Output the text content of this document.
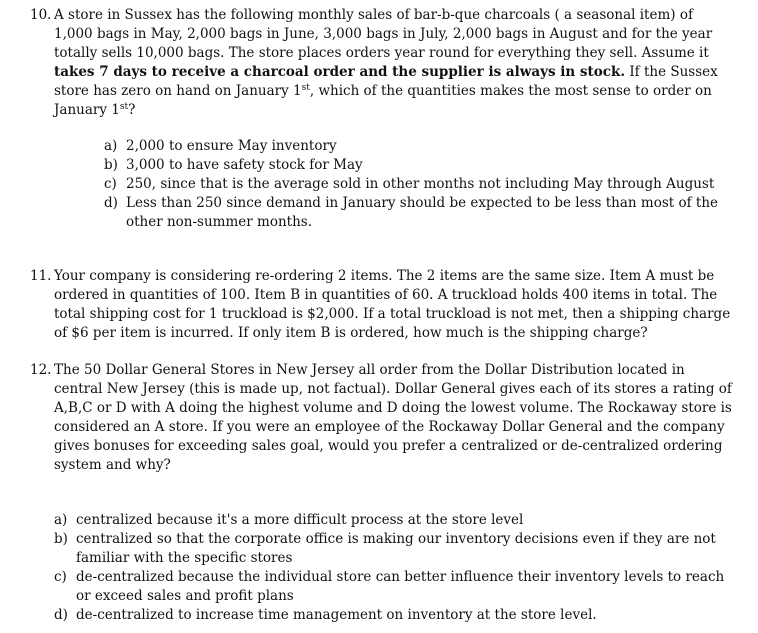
10. A store in Sussex has the following monthly sales of bar-b-que charcoals ( a seasonal item) of 1,000 bags in May, 2,000 bags in June, 3,000 bags in July, 2,000 bags in August and for the year totally sells 10,000 bags. The store places orders year round for everything they sell. Assume it takes 7 days to receive a charcoal order and the supplier is always in stock. If the Sussex store has zero on hand on January 1st, which of the quantities makes the most sense to order on January 1st?
a) 2,000 to ensure May inventory
b) 3,000 to have safety stock for May
c) 250, since that is the average sold in other months not including May through August
d) Less than 250 since demand in January should be expected to be less than most of the other non-summer months.
11. Your company is considering re-ordering 2 items. The 2 items are the same size. Item A must be ordered in quantities of 100. Item B in quantities of 60. A truckload holds 400 items in total. The total shipping cost for 1 truckload is $2,000. If a total truckload is not met, then a shipping charge of $6 per item is incurred. If only item B is ordered, how much is the shipping charge?
12. The 50 Dollar General Stores in New Jersey all order from the Dollar Distribution located in central New Jersey (this is made up, not factual). Dollar General gives each of its stores a rating of A,B,C or D with A doing the highest volume and D doing the lowest volume. The Rockaway store is considered an A store. If you were an employee of the Rockaway Dollar General and the company gives bonuses for exceeding sales goal, would you prefer a centralized or de-centralized ordering system and why?
a) centralized because it's a more difficult process at the store level
b) centralized so that the corporate office is making our inventory decisions even if they are not familiar with the specific stores
c) de-centralized because the individual store can better influence their inventory levels to reach or exceed sales and profit plans
d) de-centralized to increase time management on inventory at the store level.
